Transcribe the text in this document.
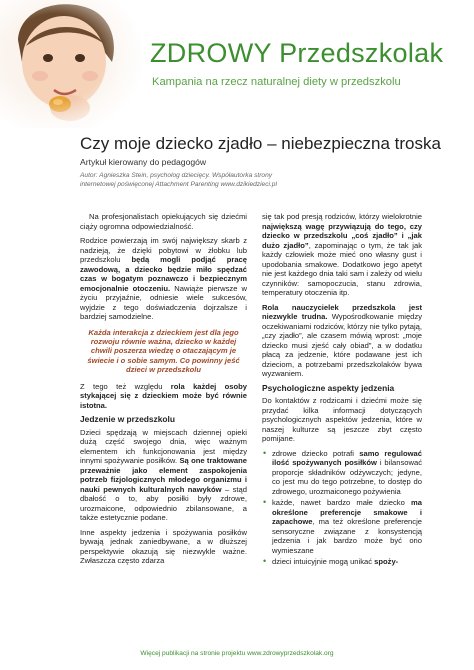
ZDROWY Przedszkolak
Kampania na rzecz naturalnej diety w przedszkolu
Czy moje dziecko zjadło – niebezpieczna troska
Artykuł kierowany do pedagogów
Autor: Agnieszka Stein, psycholog dziecięcy. Współautorka strony
internetowej poświęconej Attachment Parenting www.dzikiedzieci.pl

Na profesjonalistach opiekujących się dziećmi ciąży ogromna odpowiedzialność.

Rodzice powierzają im swój największy skarb z nadzieją, że dzięki pobytowi w żłobku lub przedszkolu będą mogli podjąć pracę zawodową, a dziecko będzie miło spędzać czas w bogatym poznawczo i bezpiecznym emocjonalnie otoczeniu. Nawiąże pierwsze w życiu przyjaźnie, odniesie wiele sukcesów, wyjdzie z tego doświadczenia dojrzalsze i bardziej samodzielne.

Każda interakcja z dzieckiem jest dla jego rozwoju równie ważna, dziecko w każdej chwili poszerza wiedzę o otaczającym je świecie i o sobie samym. Co powinny jeść dzieci w przedszkolu

Z tego też względu rola każdej osoby stykającej się z dzieckiem może być równie istotna.

Jedzenie w przedszkolu

Dzieci spędzają w miejscach dziennej opieki dużą część swojego dnia, więc ważnym elementem ich funkcjonowania jest między innymi spożywanie posiłków. Są one traktowane przeważnie jako element zaspokojenia potrzeb fizjologicznych młodego organizmu i nauki pewnych kulturalnych nawyków – stąd dbałość o to, aby posiłki były zdrowe, urozmaicone, odpowiednio zbilansowane, a także estetycznie podane.

Inne aspekty jedzenia i spożywania posiłków bywają jednak zaniedbywane, a w dłuższej perspektywie okazują się niezwykle ważne. Zwłaszcza często zdarza

się tak pod presją rodziców, którzy wielokrotnie największą wagę przywiązują do tego, czy dziecko w przedszkolu „coś zjadło” i „jak dużo zjadło”, zapominając o tym, że tak jak każdy człowiek może mieć ono własny gust i upodobania smakowe. Dodatkowo jego apetyt nie jest każdego dnia taki sam i zależy od wielu czynników: samopoczucia, stanu zdrowia, temperatury otoczenia itp.

Rola nauczycielek przedszkola jest niezwykle trudna. Wypośrodkowanie między oczekiwaniami rodziców, którzy nie tylko pytają, „czy zjadło”, ale czasem mówią wprost: „moje dziecko musi zjeść cały obiad”, a w dodatku płacą za jedzenie, które podawane jest ich dzieciom, a potrzebami przedszkolaków bywa wyzwaniem.

Psychologiczne aspekty jedzenia

Do kontaktów z rodzicami i dziećmi może się przydać kilka informacji dotyczących psychologicznych aspektów jedzenia, które w naszej kulturze są jeszcze zbyt często pomijane.

• zdrowe dziecko potrafi samo regulować ilość spożywanych posiłków i bilansować proporcje składników odżywczych; jedyne, co jest mu do tego potrzebne, to dostęp do zdrowego, urozmaiconego pożywienia
• każde, nawet bardzo małe dziecko ma określone preferencje smakowe i zapachowe, ma też określone preferencje sensoryczne związane z konsystencją jedzenia i jak bardzo może być ono wymieszane
• dzieci intuicyjnie mogą unikać spoży-
Więcej publikacji na stronie projektu www.zdrowyprzedszkolak.org
